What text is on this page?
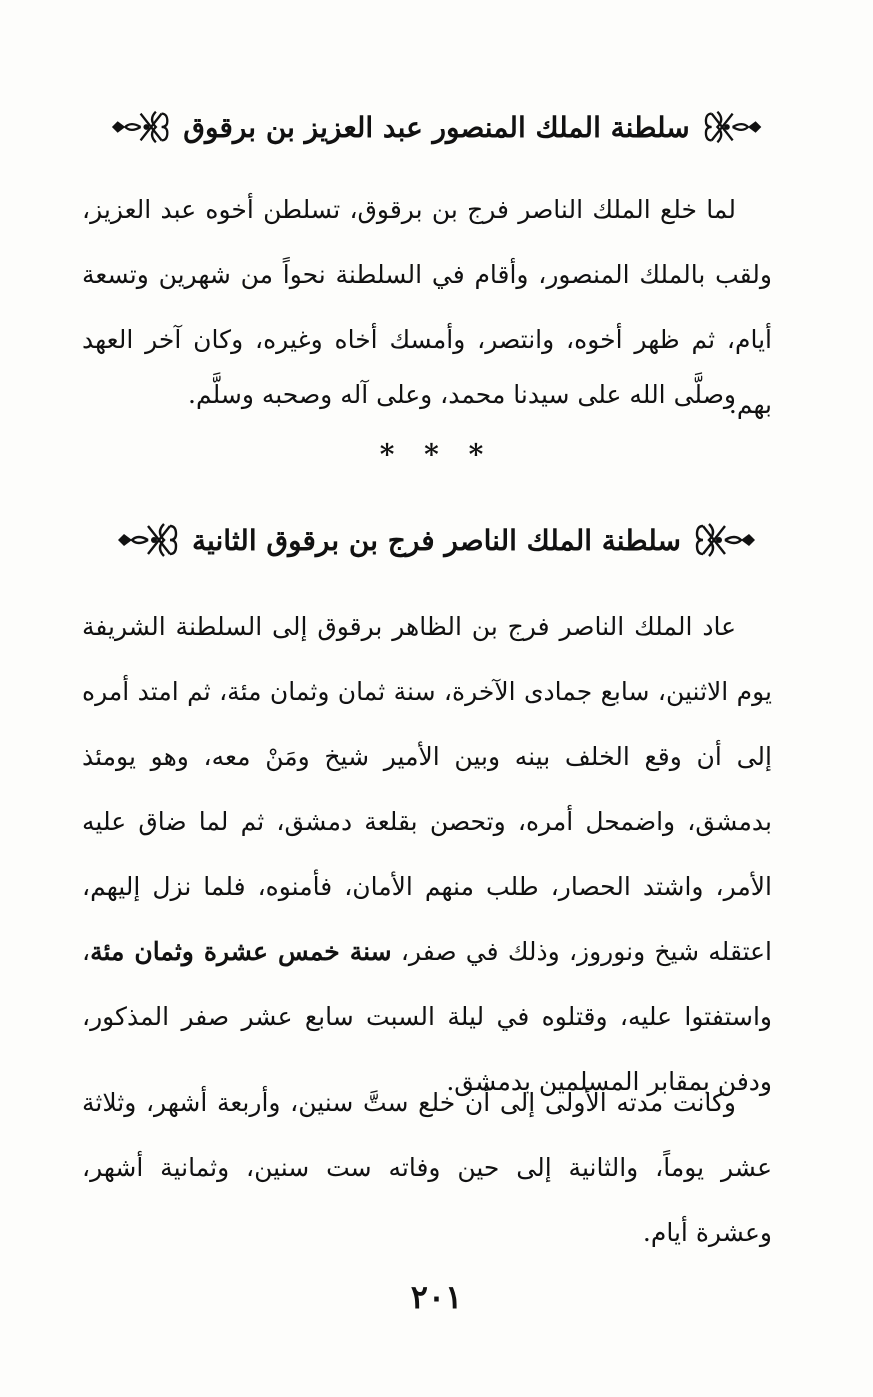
سلطنة الملك المنصور عبد العزيز بن برقوق

لما خلع الملك الناصر فرج بن برقوق، تسلطن أخوه عبد العزيز، ولقب بالملك المنصور، وأقام في السلطنة نحواً من شهرين وتسعة أيام، ثم ظهر أخوه، وانتصر، وأمسك أخاه وغيره، وكان آخر العهد بهم.

وصلَّى الله على سيدنا محمد، وعلى آله وصحبه وسلَّم.

* * *
سلطنة الملك الناصر فرج بن برقوق الثانية

عاد الملك الناصر فرج بن الظاهر برقوق إلى السلطنة الشريفة يوم الاثنين، سابع جمادى الآخرة، سنة ثمان وثمان مئة، ثم امتد أمره إلى أن وقع الخلف بينه وبين الأمير شيخ ومَنْ معه، وهو يومئذ بدمشق، واضمحل أمره، وتحصن بقلعة دمشق، ثم لما ضاق عليه الأمر، واشتد الحصار، طلب منهم الأمان، فأمنوه، فلما نزل إليهم، اعتقله شيخ ونوروز، وذلك في صفر، سنة خمس عشرة وثمان مئة، واستفتوا عليه، وقتلوه في ليلة السبت سابع عشر صفر المذكور، ودفن بمقابر المسلمين بدمشق.

وكانت مدته الأولى إلى أن خلع ستَّ سنين، وأربعة أشهر، وثلاثة عشر يوماً، والثانية إلى حين وفاته ست سنين، وثمانية أشهر، وعشرة أيام.

٢٠١
